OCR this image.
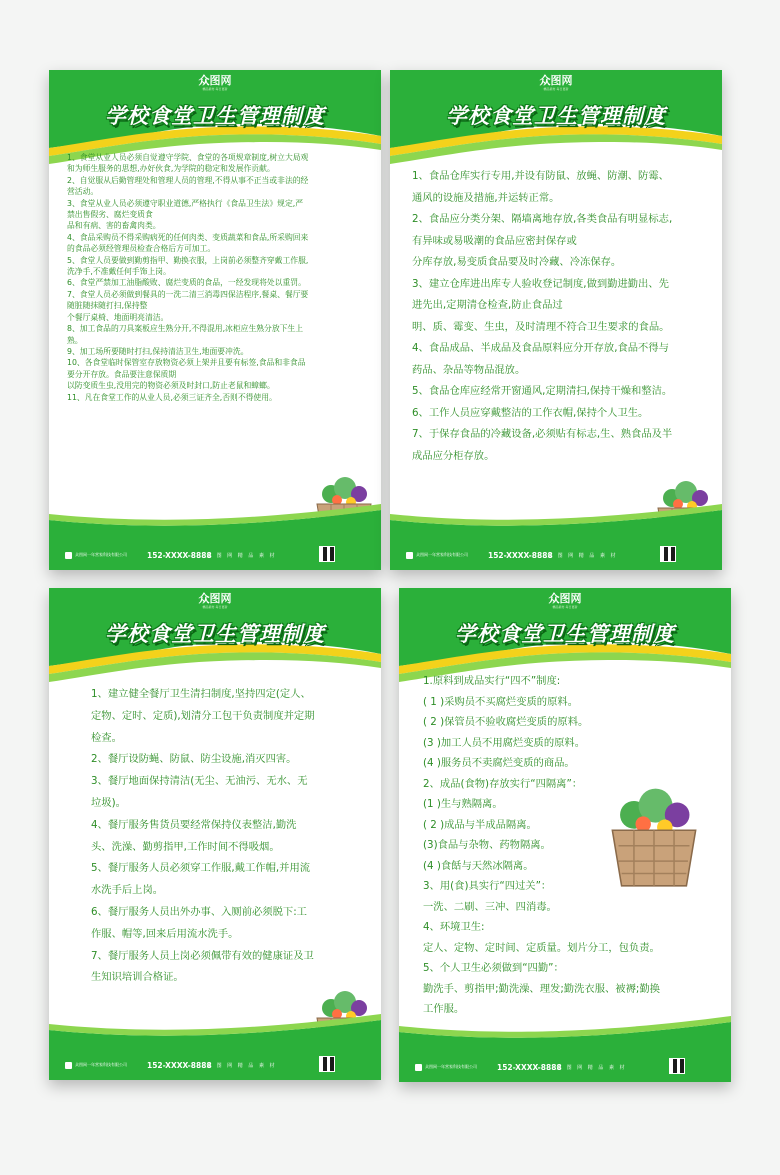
众图网
精品素材·每日更新
学校食堂卫生管理制度

1、食堂从业人员必须自觉遵守学院、食堂的各项规章制度,树立大局观

和为师生服务的思想,办好伙食,为学院的稳定和发展作贡献。

2、自觉服从后勤管理处和管理人员的管理,不得从事不正当或非法的经

营活动。

3、食堂从业人员必须遵守职业道德,严格执行《食品卫生法》规定,严

禁出售假劣、腐烂变质食

品和有病、害的畜禽肉类。

4、食品采购员不得采购病死的任何肉类、变质蔬菜和食品,所采购回来

的食品必须经管理员检查合格后方可加工。

5、食堂人员要做到勤剪指甲、勤换衣服，上岗前必须整齐穿戴工作服,

洗净手,不准戴任何手饰上岗。

6、食堂严禁加工油脂酸败、腐烂变质的食品，一经发现将处以重罚。

7、食堂人员必须做到餐具的一洗二清三消毒四保洁程序,餐桌、餐厅要

随脏随抹随打扫,保持整

个餐厅桌椅、地面明亮清洁。

8、加工食品的刀具案板应生熟分开,不得混用,冰柜应生熟分放下生上

熟。

9、加工场所要随时打扫,保持清洁卫生,地面要冲洗。

10、各食堂临时保管室存放物资必须上架并且要有标签,食品和非食品

要分开存放。食品要注意保质期

以防变质生虫,没用完的物资必须及时封口,防止老鼠和蟑螂。

11、凡在食堂工作的从业人员,必须三证齐全,否则不得使用。

众图网一年营家科技有限公司	152-XXXX-8888
众 图 网 精 品 素 材
众图网
精品素材·每日更新
学校食堂卫生管理制度

1、食品仓库实行专用,并设有防鼠、放蝇、防潮、防霉、

通风的设施及措施,并运转正常。

2、食品应分类分架、隔墙离地存放,各类食品有明显标志,

有异味或易吸潮的食品应密封保存或

分库存放,易变质食品要及时冷藏、冷冻保存。

3、建立仓库进出库专人验收登记制度,做到勤进勤出、先

进先出,定期清仓检查,防止食品过

明、质、霉变、生虫，及时清理不符合卫生要求的食品。

4、食品成品、半成品及食品原料应分开存放,食品不得与

药品、杂品等物品混放。

5、食品仓库应经常开窗通风,定期清扫,保持干燥和整洁。

6、工作人员应穿戴整洁的工作衣帽,保持个人卫生。

7、于保存食品的冷藏设备,必须贴有标志,生、熟食品及半

成品应分柜存放。

众图网一年营家科技有限公司	152-XXXX-8888
众 图 网 精 品 素 材
众图网
精品素材·每日更新
学校食堂卫生管理制度

1、建立健全餐厅卫生清扫制度,坚持四定(定人、

定物、定时、定质),划清分工包干负责制度并定期

检查。

2、餐厅设防蝇、防鼠、防尘设施,消灭四害。

3、餐厅地面保持清洁(无尘、无油污、无水、无

垃圾)。

4、餐厅服务售货员要经常保持仪表整洁,勤洗

头、洗澡、勤剪指甲,工作时间不得吸烟。

5、餐厅服务人员必须穿工作服,戴工作帽,并用流

水洗手后上岗。

6、餐厅服务人员出外办事、入厕前必须脱下:工

作服、帽等,回来后用流水洗手。

7、餐厅服务人员上岗必须佩带有效的健康证及卫

生知识培训合格证。

众图网一年营家科技有限公司	152-XXXX-8888
众 图 网 精 品 素 材
众图网
精品素材·每日更新
学校食堂卫生管理制度

1.原料到成品实行“四不”制度:

( 1 )采购员不买腐烂变质的原料。

( 2 )保管员不验收腐烂变质的原料。

(3 )加工人员不用腐烂变质的原料。

(4 )服务员不卖腐烂变质的商品。

2、成品(食物)存放实行“四隔离”：

(1 )生与熟隔离。

( 2 )成品与半成品隔离。

(3)食品与杂物、药物隔离。

(4 )食餂与天然冰隔离。

3、用(食)具实行“四过关”：

一洗、二刷、三冲、四消毒。

4、环境卫生:

定人、定物、定时间、定质量。划片分工，包负责。

5、个人卫生必须做到“四勤”：

勤洗手、剪指甲;勤洗澡、理发;勤洗衣服、被褥;勤换

工作服。

众图网一年营家科技有限公司	152-XXXX-8888
众 图 网 精 品 素 材
